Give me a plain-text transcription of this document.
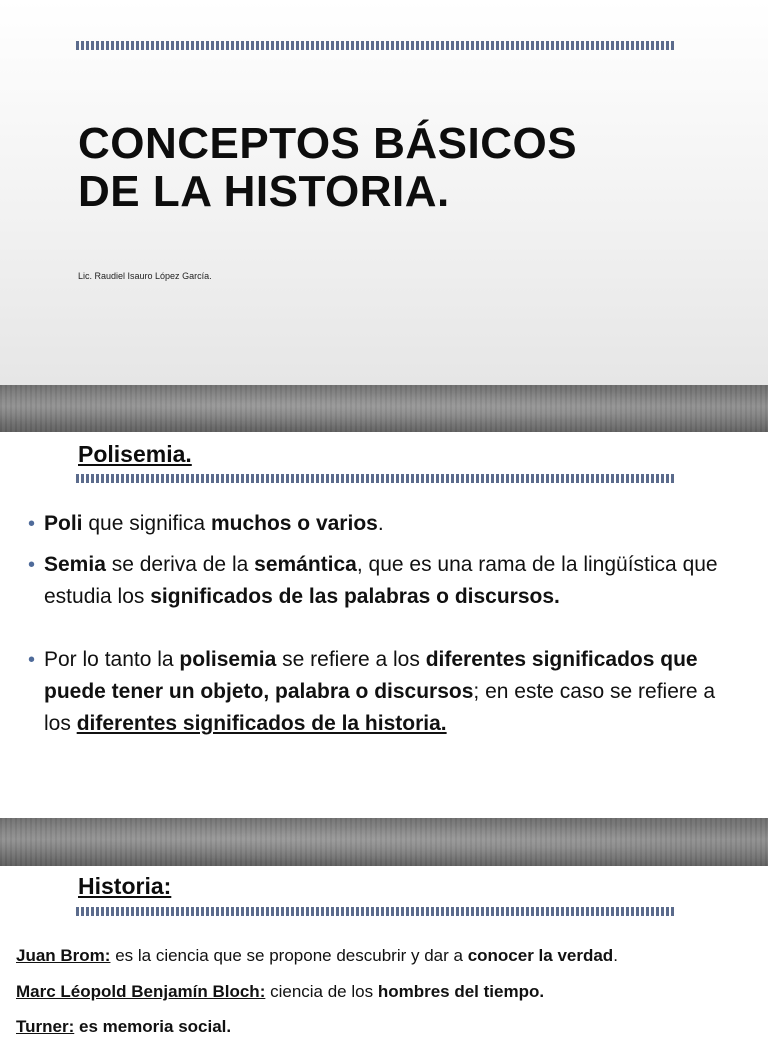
CONCEPTOS BÁSICOS
DE LA HISTORIA.
Lic. Raudiel Isauro López García.
Polisemia.
• Poli que significa muchos o varios.
• Semia se deriva de la semántica, que es una rama de la lingüística que estudia los significados de las palabras o discursos.
• Por lo tanto la polisemia se refiere a los diferentes significados que puede tener un objeto, palabra o discursos; en este caso se refiere a los diferentes significados de la historia.
Historia:
Juan Brom: es la ciencia que se propone descubrir y dar a conocer la verdad.
Marc Léopold Benjamín Bloch: ciencia de los hombres del tiempo.
Turner: es memoria social.
